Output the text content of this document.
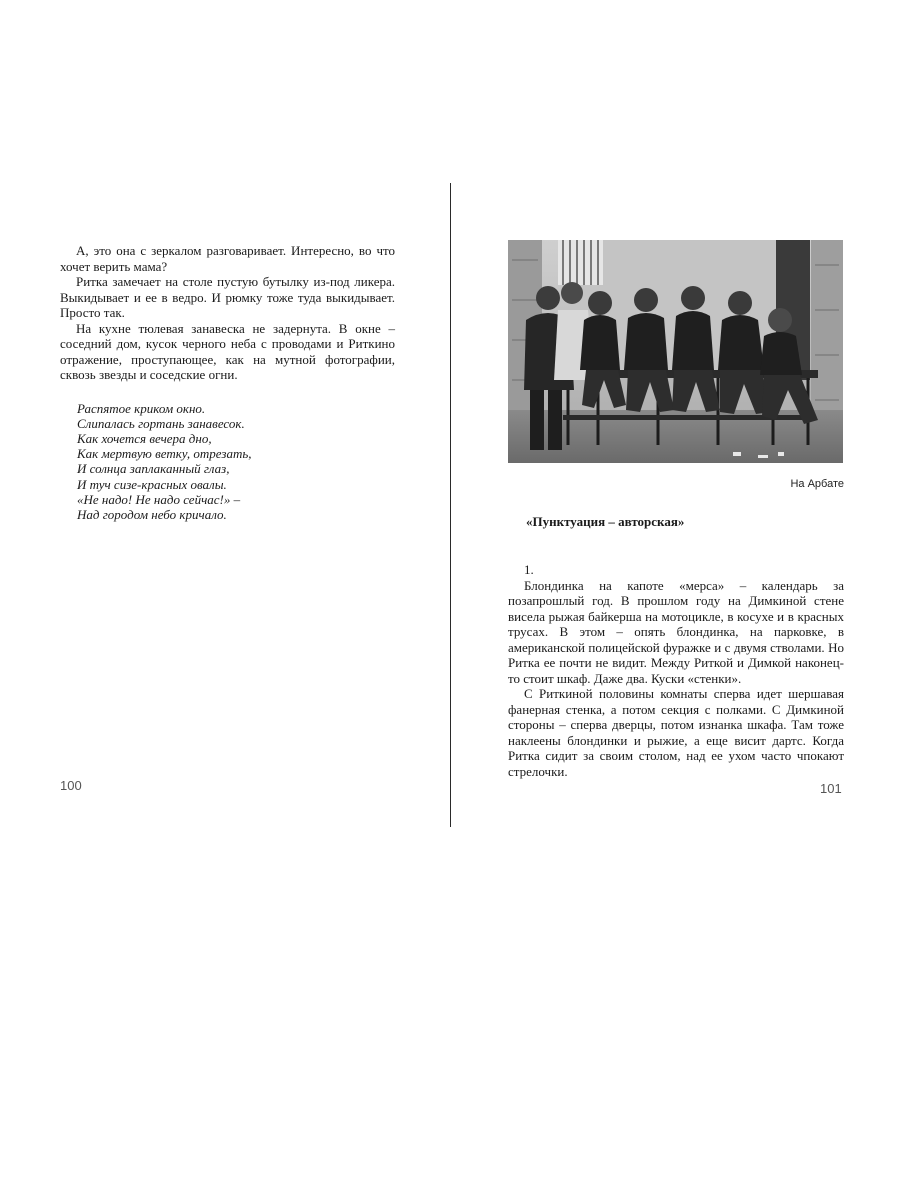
А, это она с зеркалом разговаривает. Интересно, во что хочет верить мама?

Ритка замечает на столе пустую бутылку из-под ликера. Выкидывает и ее в ведро. И рюмку тоже туда выкидывает. Просто так.

На кухне тюлевая занавеска не задернута. В окне – соседний дом, кусок черного неба с проводами и Риткино отражение, проступающее, как на мутной фотографии, сквозь звезды и соседские огни.

Распятое криком окно.
Слипалась гортань занавесок.
Как хочется вечера дно,
Как мертвую ветку, отрезать,
И солнца заплаканный глаз,
И туч сизе-красных овалы.
«Не надо! Не надо сейчас!» –
Над городом небо кричало.
100
На Арбате
«Пунктуация – авторская»
1.

Блондинка на капоте «мерса» – календарь за позапрошлый год. В прошлом году на Димкиной стене висела рыжая байкерша на мотоцикле, в косухе и в красных трусах. В этом – опять блондинка, на парковке, в американской полицейской фуражке и с двумя стволами. Но Ритка ее почти не видит. Между Риткой и Димкой наконец-то стоит шкаф. Даже два. Куски «стенки».

С Риткиной половины комнаты сперва идет шершавая фанерная стенка, а потом секция с полками. С Димкиной стороны – сперва дверцы, потом изнанка шкафа. Там тоже наклеены блондинки и рыжие, а еще висит дартс. Когда Ритка сидит за своим столом, над ее ухом часто чпокают стрелочки.

101
